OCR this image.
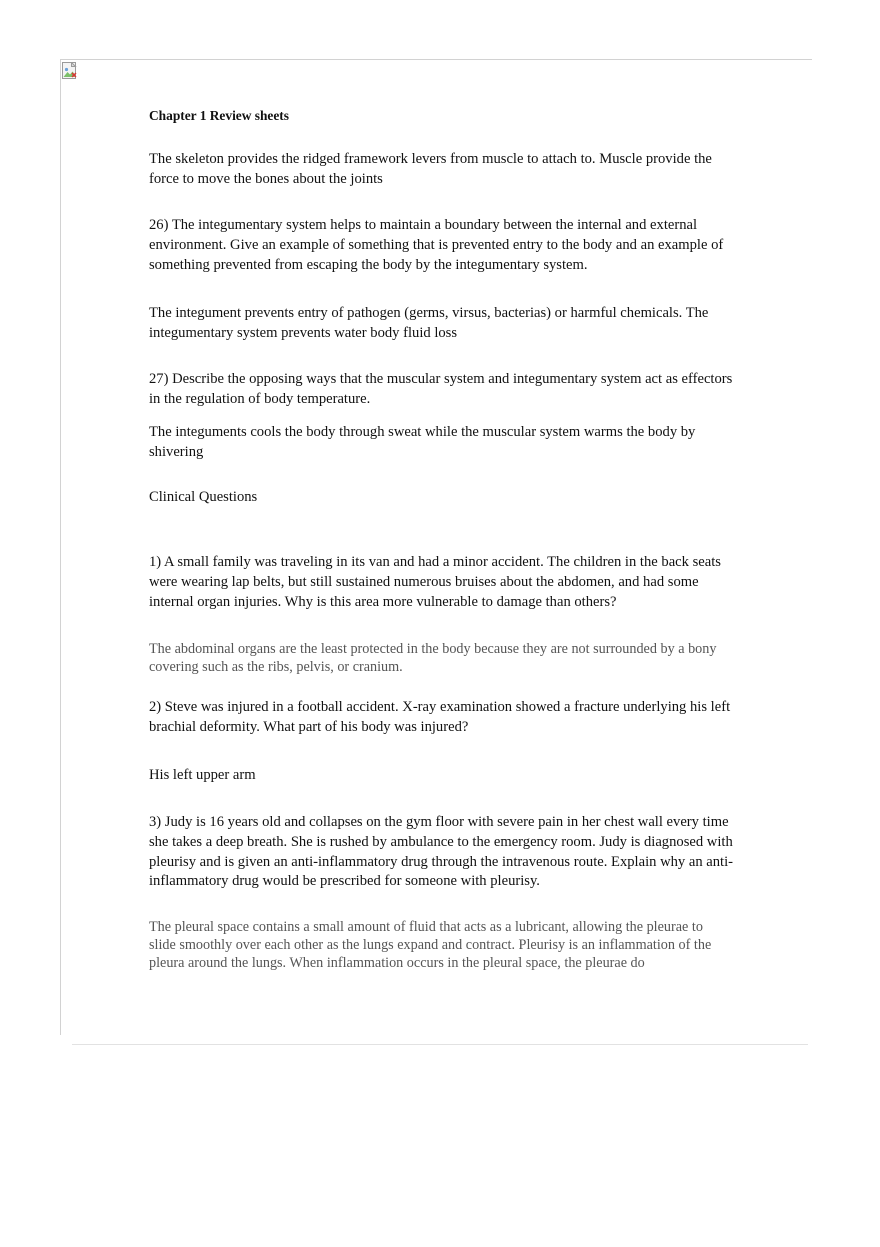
Chapter 1 Review sheets

The skeleton provides the ridged framework levers from muscle to attach to. Muscle provide the force to move the bones about the joints

26) The integumentary system helps to maintain a boundary between the internal and external environment. Give an example of something that is prevented entry to the body and an example of something prevented from escaping the body by the integumentary system.

The integument prevents entry of pathogen (germs, virsus, bacterias) or harmful chemicals. The integumentary system prevents water body fluid loss

27) Describe the opposing ways that the muscular system and integumentary system act as effectors in the regulation of body temperature.

The integuments cools the body through sweat while the muscular system warms the body by shivering

Clinical Questions

1) A small family was traveling in its van and had a minor accident. The children in the back seats were wearing lap belts, but still sustained numerous bruises about the abdomen, and had some internal organ injuries. Why is this area more vulnerable to damage than others?

The abdominal organs are the least protected in the body because they are not surrounded by a bony covering such as the ribs, pelvis, or cranium.

2) Steve was injured in a football accident. X-ray examination showed a fracture underlying his left brachial deformity. What part of his body was injured?

His left upper arm

3) Judy is 16 years old and collapses on the gym floor with severe pain in her chest wall every time she takes a deep breath. She is rushed by ambulance to the emergency room. Judy is diagnosed with pleurisy and is given an anti-inflammatory drug through the intravenous route. Explain why an anti-inflammatory drug would be prescribed for someone with pleurisy.

The pleural space contains a small amount of fluid that acts as a lubricant, allowing the pleurae to slide smoothly over each other as the lungs expand and contract. Pleurisy is an inflammation of the pleura around the lungs. When inflammation occurs in the pleural space, the pleurae do
